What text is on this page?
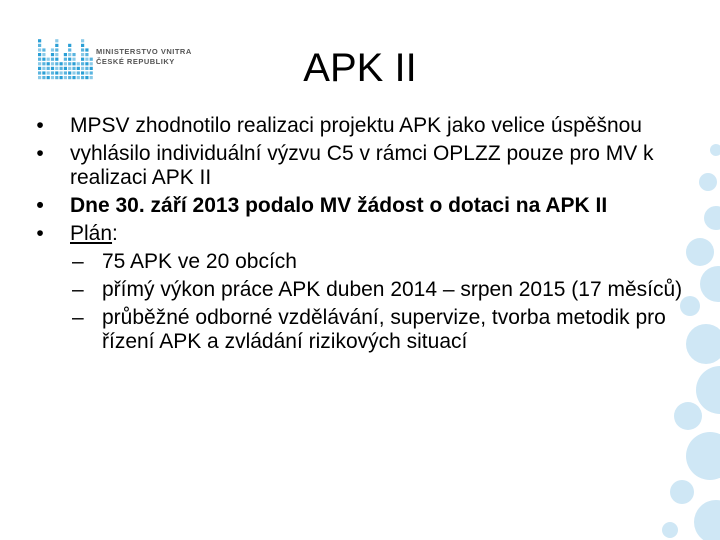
MINISTERSTVO VNITRA
ČESKÉ REPUBLIKY	APK II
•	MPSV zhodnotilo realizaci projektu APK jako velice úspěšnou
•	vyhlásilo individuální výzvu C5 v rámci OPLZZ pouze pro MV k realizaci APK II
•	Dne 30. září 2013 podalo MV žádost o dotaci na APK II
•	Plán:
– 75 APK ve 20 obcích
– přímý výkon práce APK duben 2014 – srpen 2015 (17 měsíců)
– průběžné odborné vzdělávání, supervize, tvorba metodik pro řízení APK a zvládání rizikových situací
